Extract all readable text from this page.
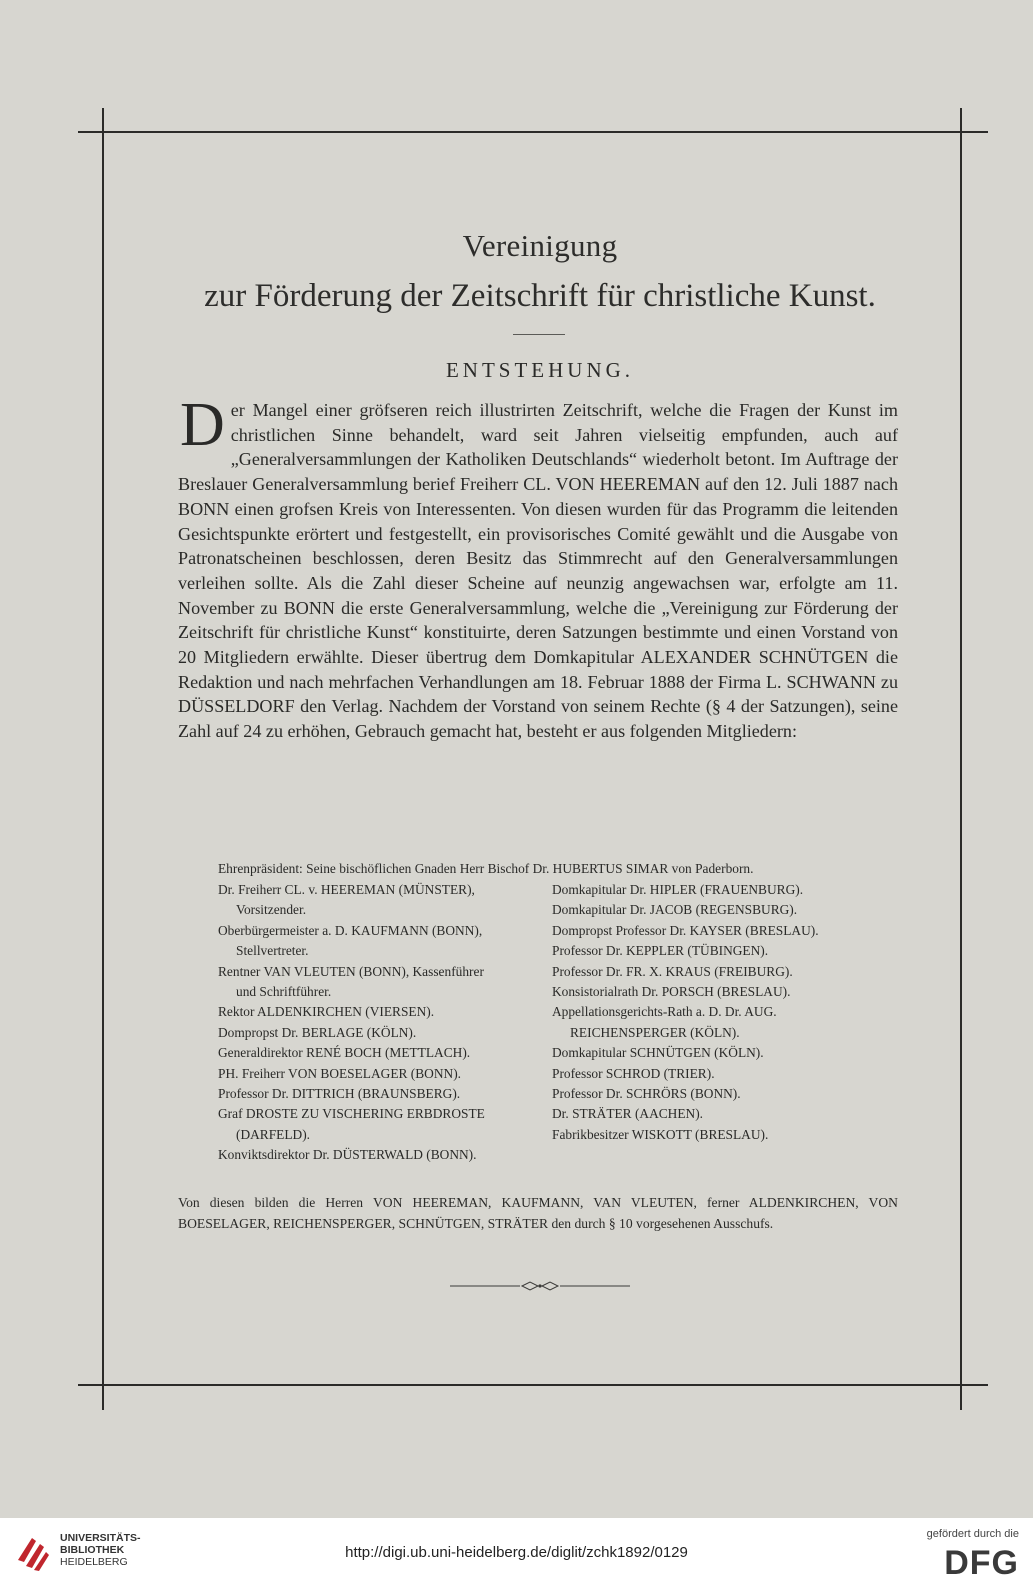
Vereinigung
zur Förderung der Zeitschrift für christliche Kunst.
ENTSTEHUNG.

D er Mangel einer gröfseren reich illustrirten Zeitschrift, welche die Fragen der Kunst im christlichen Sinne behandelt, ward seit Jahren vielseitig empfunden, auch auf „Generalversammlungen der Katholiken Deutschlands“ wiederholt betont. Im Auftrage der Breslauer Generalversammlung berief Freiherr CL. VON HEEREMAN auf den 12. Juli 1887 nach BONN einen grofsen Kreis von Interessenten. Von diesen wurden für das Programm die leitenden Gesichtspunkte erörtert und festgestellt, ein provisorisches Comité gewählt und die Ausgabe von Patronatscheinen beschlossen, deren Besitz das Stimmrecht auf den Generalversammlungen verleihen sollte. Als die Zahl dieser Scheine auf neunzig angewachsen war, erfolgte am 11. November zu BONN die erste Generalversammlung, welche die „Vereinigung zur Förderung der Zeitschrift für christliche Kunst“ konstituirte, deren Satzungen bestimmte und einen Vorstand von 20 Mitgliedern erwählte. Dieser übertrug dem Domkapitular ALEXANDER SCHNÜTGEN die Redaktion und nach mehrfachen Verhandlungen am 18. Februar 1888 der Firma L. SCHWANN zu DÜSSELDORF den Verlag. Nachdem der Vorstand von seinem Rechte (§ 4 der Satzungen), seine Zahl auf 24 zu erhöhen, Gebrauch gemacht hat, besteht er aus folgenden Mitgliedern:

Ehrenpräsident: Seine bischöflichen Gnaden Herr Bischof Dr. HUBERTUS SIMAR von Paderborn.
Dr. Freiherr CL. v. HEEREMAN (MÜNSTER),
Vorsitzender.
Oberbürgermeister a. D. KAUFMANN (BONN),
Stellvertreter.
Rentner VAN VLEUTEN (BONN), Kassenführer
und Schriftführer.
Rektor ALDENKIRCHEN (VIERSEN).
Dompropst Dr. BERLAGE (KÖLN).
Generaldirektor RENÉ BOCH (METTLACH).
PH. Freiherr VON BOESELAGER (BONN).
Professor Dr. DITTRICH (BRAUNSBERG).
Graf DROSTE ZU VISCHERING ERBDROSTE
(DARFELD).
Konviktsdirektor Dr. DÜSTERWALD (BONN).
Domkapitular Dr. HIPLER (FRAUENBURG).
Domkapitular Dr. JACOB (REGENSBURG).
Dompropst Professor Dr. KAYSER (BRESLAU).
Professor Dr. KEPPLER (TÜBINGEN).
Professor Dr. FR. X. KRAUS (FREIBURG).
Konsistorialrath Dr. PORSCH (BRESLAU).
Appellationsgerichts-Rath a. D. Dr. AUG.
REICHENSPERGER (KÖLN).
Domkapitular SCHNÜTGEN (KÖLN).
Professor SCHROD (TRIER).
Professor Dr. SCHRÖRS (BONN).
Dr. STRÄTER (AACHEN).
Fabrikbesitzer WISKOTT (BRESLAU).
Von diesen bilden die Herren VON HEEREMAN, KAUFMANN, VAN VLEUTEN, ferner ALDENKIRCHEN, VON BOESELAGER, REICHENSPERGER, SCHNÜTGEN, STRÄTER den durch § 10 vorgesehenen Ausschufs.
UNIVERSITÄTS-
BIBLIOTHEK
HEIDELBERG
http://digi.ub.uni-heidelberg.de/diglit/zchk1892/0129
gefördert durch die
DFG
